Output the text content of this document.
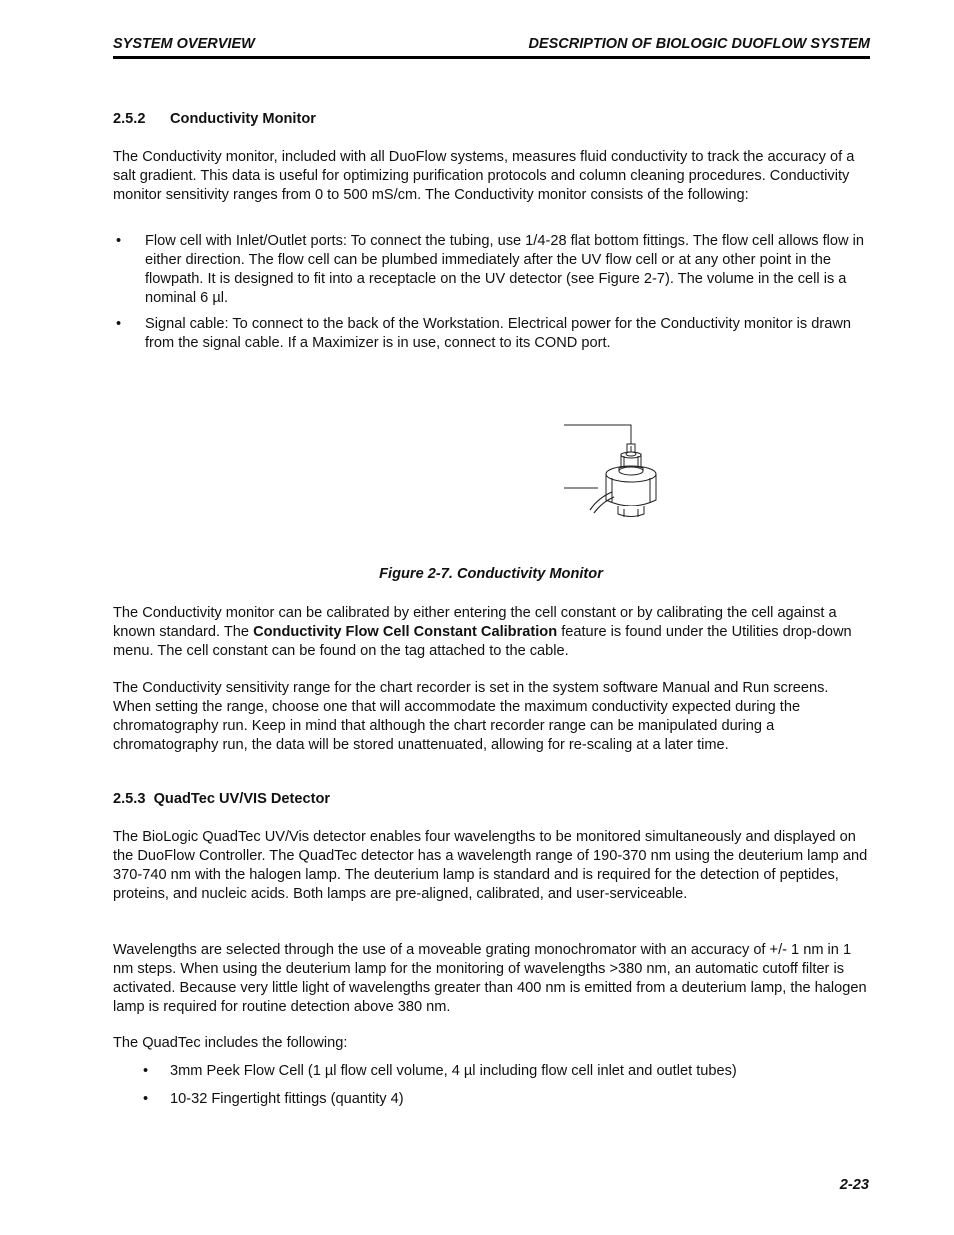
SYSTEM OVERVIEW	DESCRIPTION OF BIOLOGIC DUOFLOW SYSTEM
2.5.2 Conductivity Monitor
The Conductivity monitor, included with all DuoFlow systems, measures fluid conductivity to track the accuracy of a salt gradient. This data is useful for optimizing purification protocols and column cleaning procedures. Conductivity monitor sensitivity ranges from 0 to 500 mS/cm. The Conductivity monitor consists of the following:
• Flow cell with Inlet/Outlet ports: To connect the tubing, use 1/4-28 flat bottom fittings. The flow cell allows flow in either direction. The flow cell can be plumbed immediately after the UV flow cell or at any other point in the flowpath. It is designed to fit into a receptacle on the UV detector (see Figure 2-7). The volume in the cell is a nominal 6 µl.
• Signal cable: To connect to the back of the Workstation. Electrical power for the Conductivity monitor is drawn from the signal cable. If a Maximizer is in use, connect to its COND port.
Figure 2-7. Conductivity Monitor
The Conductivity monitor can be calibrated by either entering the cell constant or by calibrating the cell against a known standard. The Conductivity Flow Cell Constant Calibration feature is found under the Utilities drop-down menu. The cell constant can be found on the tag attached to the cable.
The Conductivity sensitivity range for the chart recorder is set in the system software Manual and Run screens. When setting the range, choose one that will accommodate the maximum conductivity expected during the chromatography run. Keep in mind that although the chart recorder range can be manipulated during a chromatography run, the data will be stored unattenuated, allowing for re-scaling at a later time.
2.5.3 QuadTec UV/VIS Detector
The BioLogic QuadTec UV/Vis detector enables four wavelengths to be monitored simultaneously and displayed on the DuoFlow Controller. The QuadTec detector has a wavelength range of 190-370 nm using the deuterium lamp and 370-740 nm with the halogen lamp. The deuterium lamp is standard and is required for the detection of peptides, proteins, and nucleic acids. Both lamps are pre-aligned, calibrated, and user-serviceable.
Wavelengths are selected through the use of a moveable grating monochromator with an accuracy of +/- 1 nm in 1 nm steps. When using the deuterium lamp for the monitoring of wavelengths >380 nm, an automatic cutoff filter is activated. Because very little light of wavelengths greater than 400 nm is emitted from a deuterium lamp, the halogen lamp is required for routine detection above 380 nm.
The QuadTec includes the following:
• 3mm Peek Flow Cell (1 µl flow cell volume, 4 µl including flow cell inlet and outlet tubes)
• 10-32 Fingertight fittings (quantity 4)
2-23
